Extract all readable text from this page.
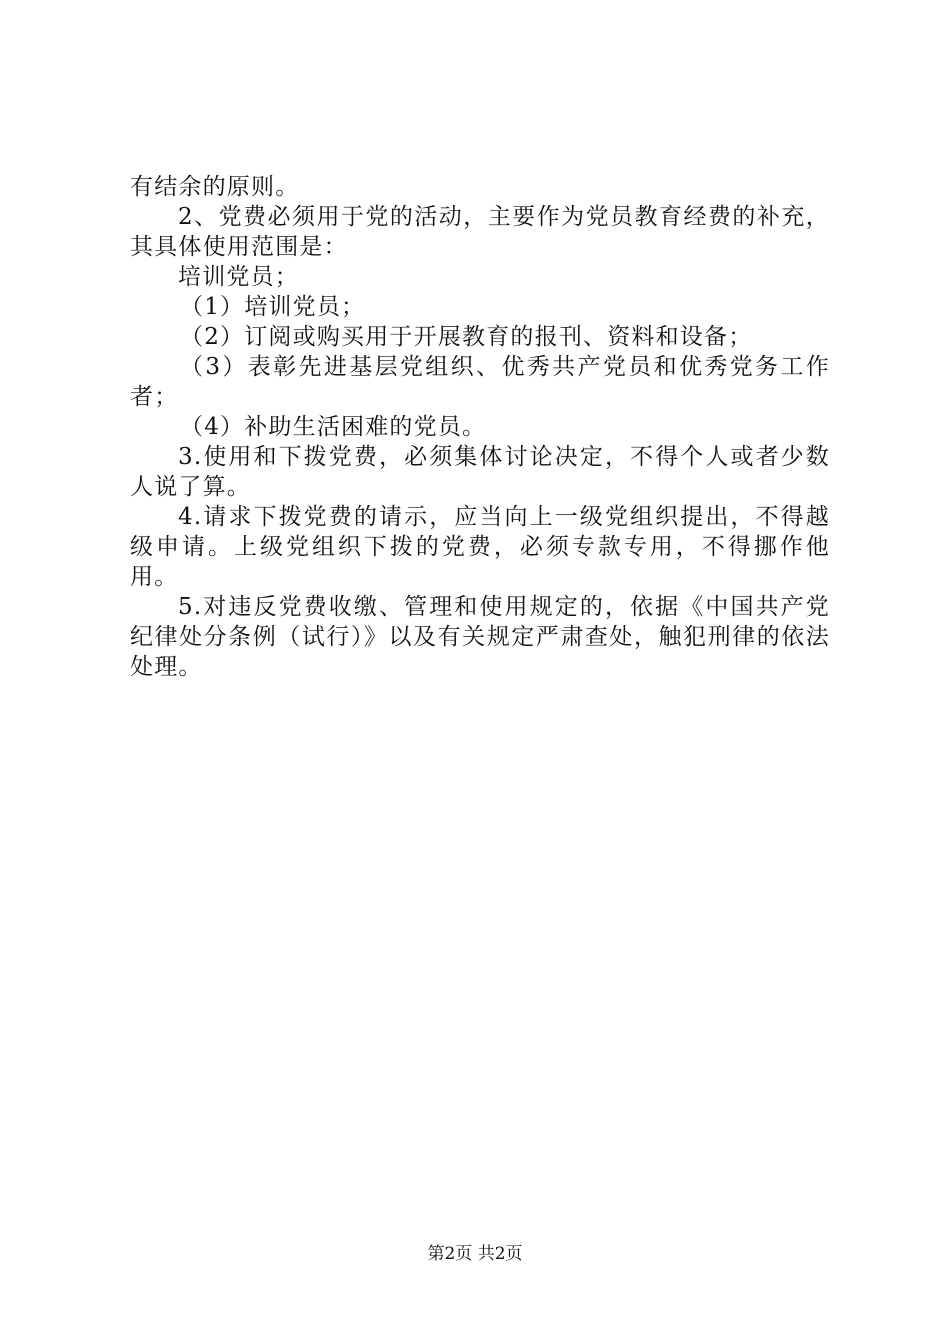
有结余的原则。

2、党费必须用于党的活动，主要作为党员教育经费的补充，其具体使用范围是：

培训党员；

（1）培训党员；

（2）订阅或购买用于开展教育的报刊、资料和设备；

（3）表彰先进基层党组织、优秀共产党员和优秀党务工作者；

（4）补助生活困难的党员。

3.使用和下拨党费，必须集体讨论决定，不得个人或者少数人说了算。

4.请求下拨党费的请示，应当向上一级党组织提出，不得越级申请。上级党组织下拨的党费，必须专款专用，不得挪作他用。

5.对违反党费收缴、管理和使用规定的，依据《中国共产党纪律处分条例（试行）》以及有关规定严肃查处，触犯刑律的依法处理。

第2页 共2页
